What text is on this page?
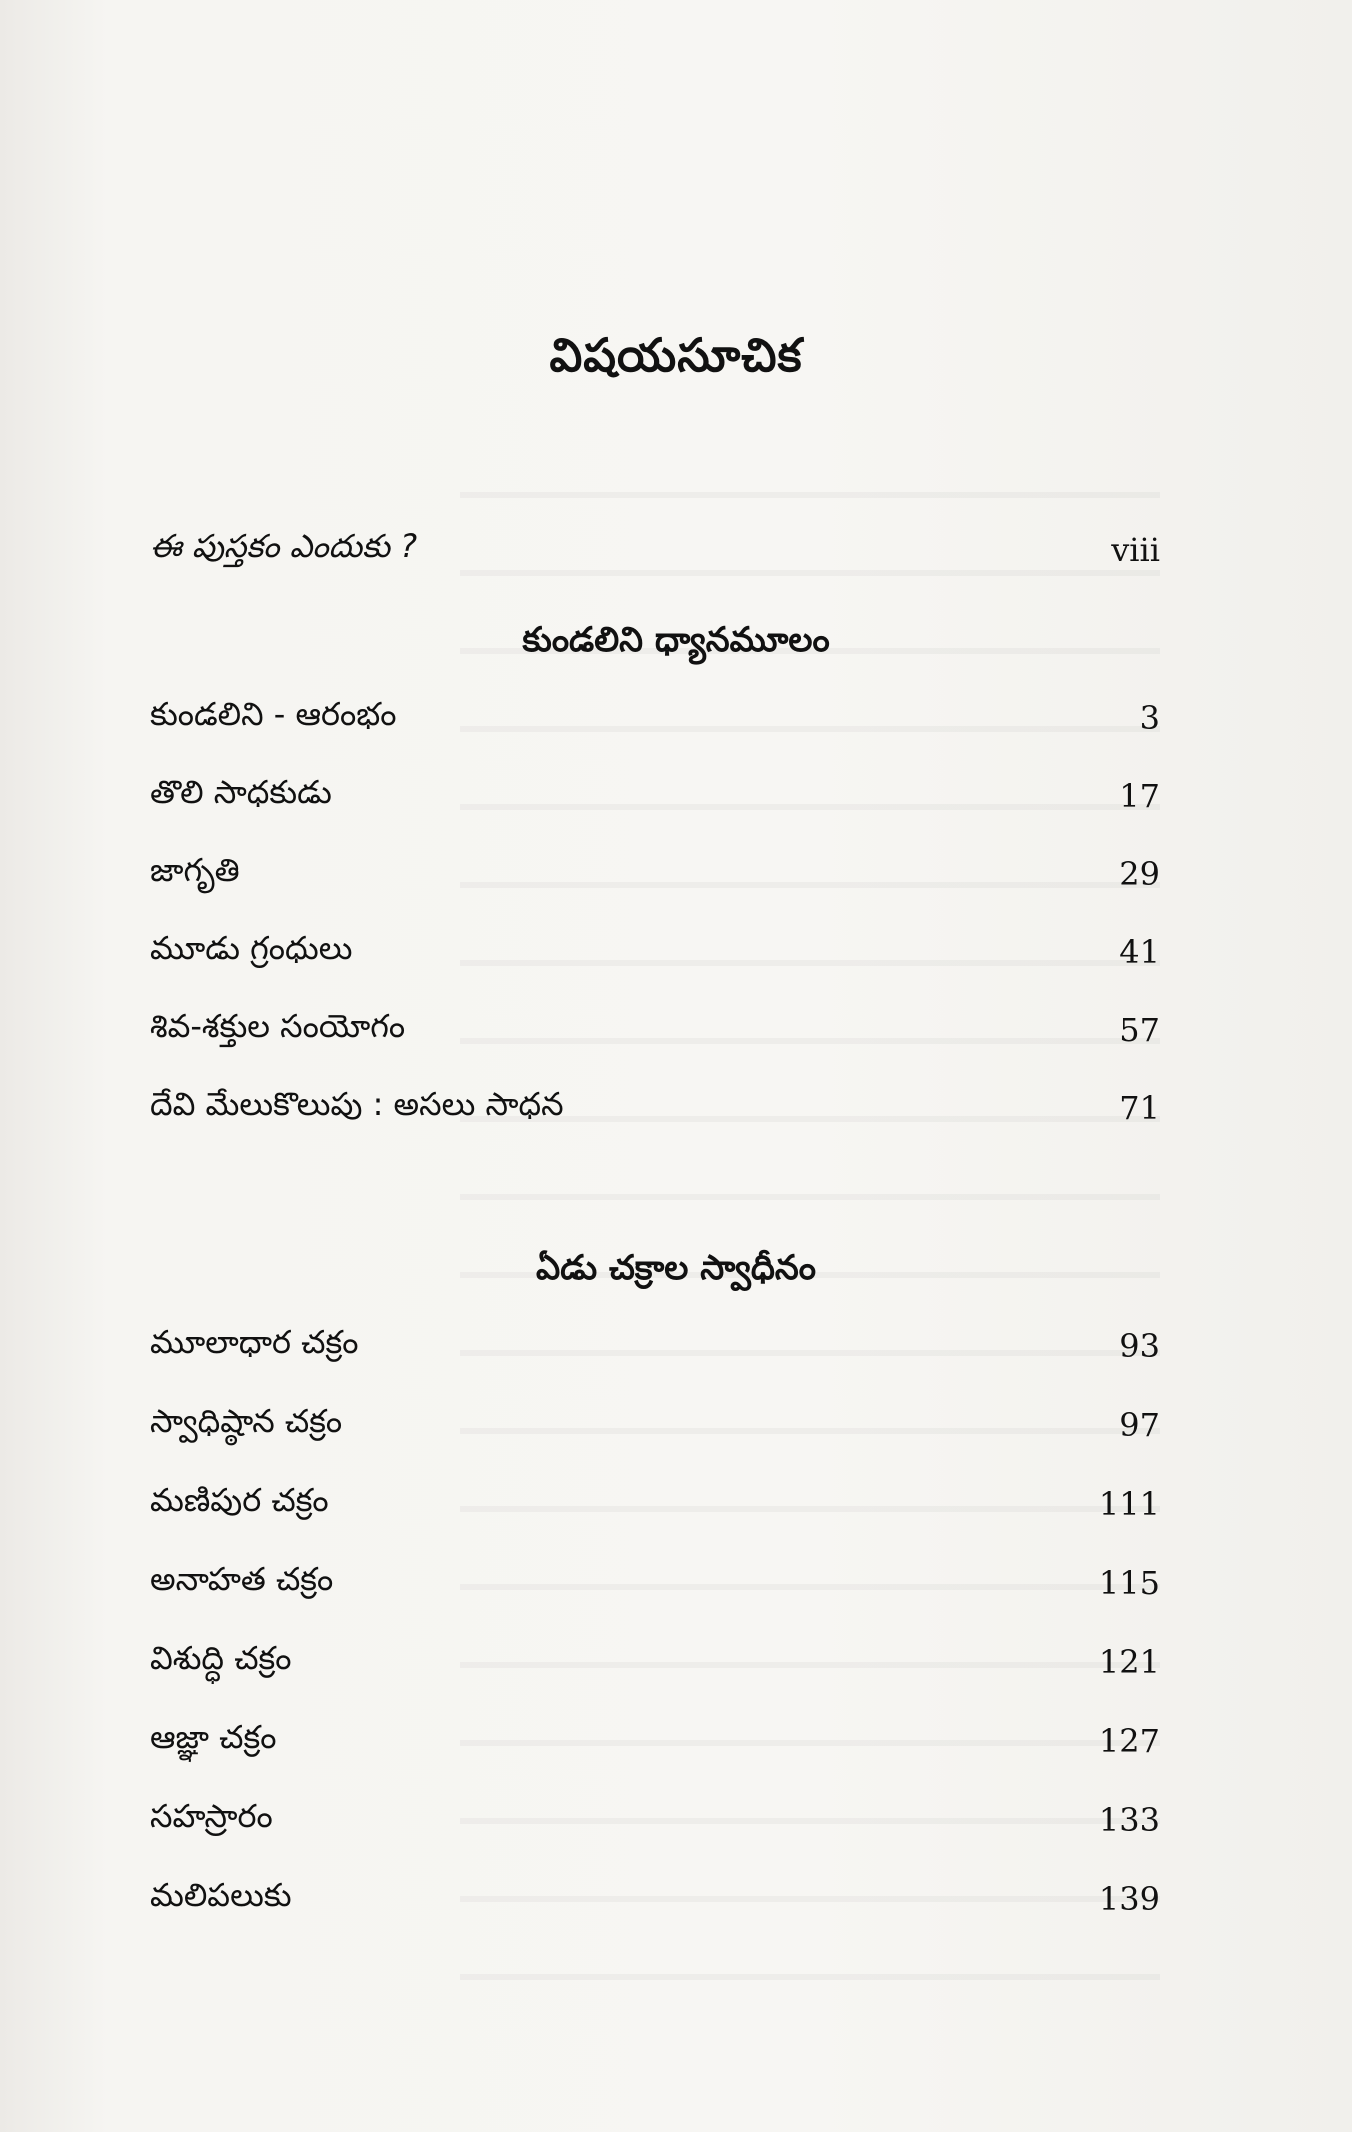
విషయసూచిక
ఈ పుస్తకం ఎందుకు ?	viii
కుండలిని ధ్యానమూలం
కుండలిని - ఆరంభం	3
తొలి సాధకుడు	17
జాగృతి	29
మూడు గ్రంధులు	41
శివ-శక్తుల సంయోగం	57
దేవి మేలుకొలుపు : అసలు సాధన	71
ఏడు చక్రాల స్వాధీనం
మూలాధార చక్రం	93
స్వాధిష్ఠాన చక్రం	97
మణిపుర చక్రం	111
అనాహత చక్రం	115
విశుద్ధి చక్రం	121
ఆజ్ఞా చక్రం	127
సహస్రారం	133
మలిపలుకు	139
